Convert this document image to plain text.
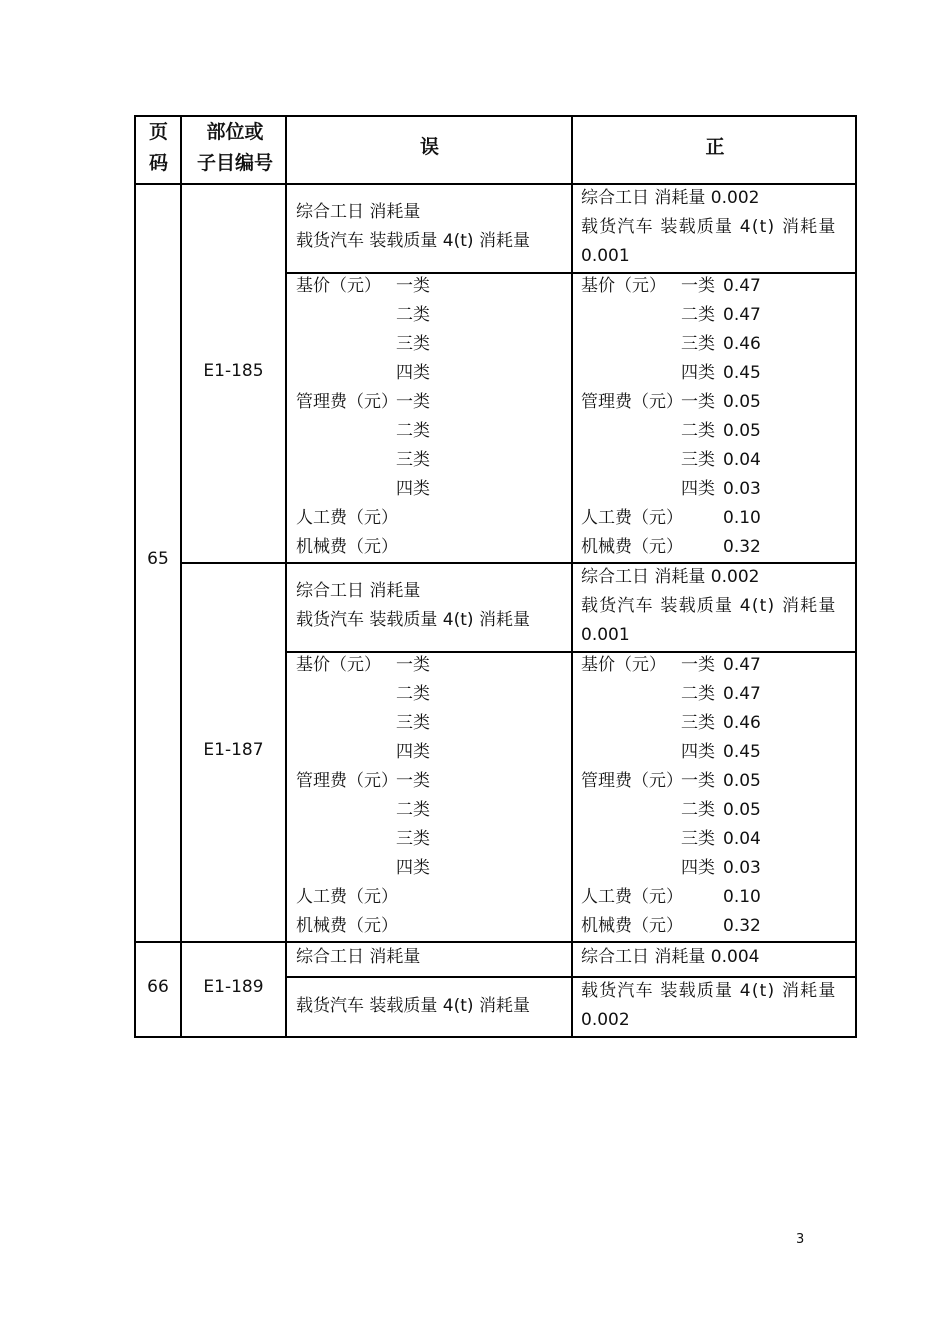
页
码
部位或
子目编号
误	正
65
66
E1-185
E1-187
E1-189
综合工日 消耗量
载货汽车 装载质量 4(t) 消耗量
综合工日 消耗量 0.002
载货汽车 装载质量 4(t) 消耗量
0.001
基价（元） 一类
二类
三类
四类
管理费（元）
一类
二类
三类
四类
人工费（元）
机械费（元）
基价（元） 一类 0.47
二类 0.47
三类 0.46
四类 0.45
管理费（元）
一类 0.05
二类 0.05
三类 0.04
四类 0.03
人工费（元） 0.10
机械费（元） 0.32
综合工日 消耗量
载货汽车 装载质量 4(t) 消耗量
综合工日 消耗量 0.002
载货汽车 装载质量 4(t) 消耗量
0.001
基价（元） 一类
二类
三类
四类
管理费（元）
一类
二类
三类
四类
人工费（元）
机械费（元）
基价（元） 一类 0.47
二类 0.47
三类 0.46
四类 0.45
管理费（元）
一类 0.05
二类 0.05
三类 0.04
四类 0.03
人工费（元） 0.10
机械费（元） 0.32
综合工日 消耗量	综合工日 消耗量 0.004
载货汽车 装载质量 4(t) 消耗量
载货汽车 装载质量 4(t) 消耗量
0.002
3
